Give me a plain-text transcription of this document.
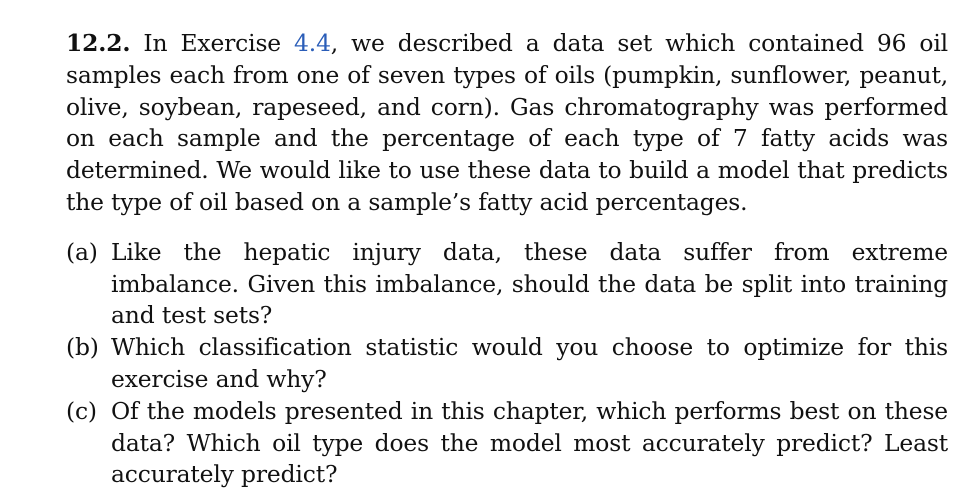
12.2. In Exercise 4.4, we described a data set which contained 96 oil samples each from one of seven types of oils (pumpkin, sunflower, peanut, olive, soybean, rapeseed, and corn). Gas chromatography was performed on each sample and the percentage of each type of 7 fatty acids was determined. We would like to use these data to build a model that predicts the type of oil based on a sample’s fatty acid percentages.

(a) Like the hepatic injury data, these data suffer from extreme imbalance. Given this imbalance, should the data be split into training and test sets?
(b) Which classification statistic would you choose to optimize for this exercise and why?
(c) Of the models presented in this chapter, which performs best on these data? Which oil type does the model most accurately predict? Least accurately predict?
